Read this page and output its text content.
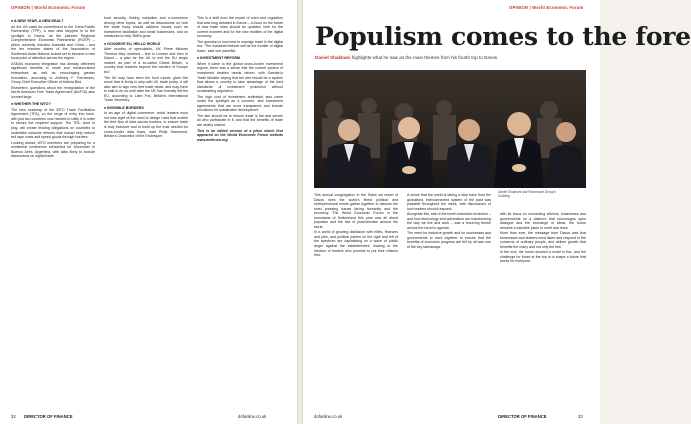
OPINION | World Economic Forum
■ A NEW YEAR, A NEW DEAL?

As the US casts its commitment to the Trans-Pacific Partnership (TPP), a new deal stepped in to the spotlight in Davos, as the planned Regional Comprehensive Economic Partnership (RCEP) – which currently includes Australia and China – and the ten member states of the Association of Southeast Asian Nations looked set to become a new focal point of attention across the region.

ASEAN economic integration has already delivered significant benefits to small and medium-sized enterprises as well as encouraging greater innovation, according to Anthony F. Fernandes, Group Chief Executive Officer of AirAsia Bhd.

Elsewhere, questions about the renegotiation of the North American Free Trade Agreement (NAFTA) also loomed large.

■ WHITHER THE WTO?

The new roadmap of the WTO Trade Facilitation Agreement (TFA), on the verge of entry into force, with just two countries now needed to ratify it in order to secure the required support. The TFA, once in play, will create binding obligations on countries to undertake customs reforms that should help reduce red tape costs and speed goods through borders.

Looking ahead, WTO members are preparing for a ministerial conference scheduled for December in Buenos Aires, Argentina, with talks likely to include discussions on digital trade.

food security, fishing subsidies and e-commerce among other topics, as well as discussions on how the trade body should address issues such as investment facilitation and small businesses, and on measures to help SMEs grow.

■ GOODBYE EU, HELLO WORLD

After months of speculation, UK Prime Minister Theresa May unveiled – first in London and then in Davos – a plan for the UK to exit the EU single market, as part of a so-called Global Britain, ‘a country that reaches beyond the borders of Europe too’.

The UK may have been the front runner, given the move that is firmly in step with UK trade policy. It will also aim to sign new free trade deals, and may have to wait to do so until after the UK has formally left the EU, according to Liam Fox, Britain’s International Trade Secretary.

■ INVISIBLE BORDERS

In an age of digital commerce, world leaders must not lose sight of the need to design rules that enable the free flow of data across borders, to ensure trade is truly inclusive and to build up the trust needed for cross-border data flows, said Philip Hammond, Britain’s Chancellor of the Exchequer.

This is a shift from the model of rules and regulation that was long debated in Davos – a focus on the future of how trade rules should be updated, both for the current moment and for the new realities of the digital economy.

The question is how best to manage trade in the digital era. ‘The industrial internet will be the frontier of digital trade,’ said one panellist.

■ INVESTMENT REFORM

When it came to the global cross-border investment regime, there was a sense that the current system of investment treaties needs reform, with Sweden’s Trade Minister saying that the aim should be a system that allows a country to take advantage of the best standards of investment protection without constraining regulation.

The high cost of investment arbitration also came under the spotlight as a concern, and investment agreements that are more transparent and include provisions for sustainable development.

The aim should be to ensure trade is fair and serves all who participate in it, and that the benefits of trade are widely shared.

This is an edited version of a piece which first appeared on the World Economic Forum website www.weforum.org

32 DIRECTOR OF FINANCE	dofonline.co.uk
OPINION | World Economic Forum
Populism comes to the fore
Daniel Shakhani highlights what he saw as the main themes from his fourth trip to Davos
Daniel Shakhani and Paramount Group’s Guilding

This annual congregation in the Swiss ski resort of Davos sees the world’s finest political and entrepreneurial minds gather together to discuss the most pressing issues facing humanity and the economy. The World Economic Forum in the mountains of Switzerland this year was all about populism and the rise of protectionism around the world.

In a world of growing disillusion with elites, finances and jobs, and political parties on the right and left of the spectrum are capitalising on a wave of public anger against the establishment, leading to the election of leaders who promise to put their citizens first.

A sense that the world is taking a step back from the globalised, interconnected system of the past was palpable throughout the week, with discussions of how leaders should respond.

Alongside this, talk of the fourth industrial revolution – and how technology and automation are transforming the way we live and work – was a recurring theme across the forum’s agenda.

The need for inclusive growth and for businesses and governments to work together to ensure that the benefits of economic progress are felt by all was one of the key takeaways.

with its focus on connecting citizens, businesses and governments on a platform that encourages open dialogue and the exchange of ideas, the forum remains a valuable place to meet and learn.

More than ever, the message from Davos was that businesses and leaders must listen and respond to the concerns of ordinary people, and deliver growth that benefits the many and not only the few.

In the end, the forum showed a world in flux, and the challenge for those at the top is to shape a future that works for everyone.

dofonline.co.uk	DIRECTOR OF FINANCE	33
